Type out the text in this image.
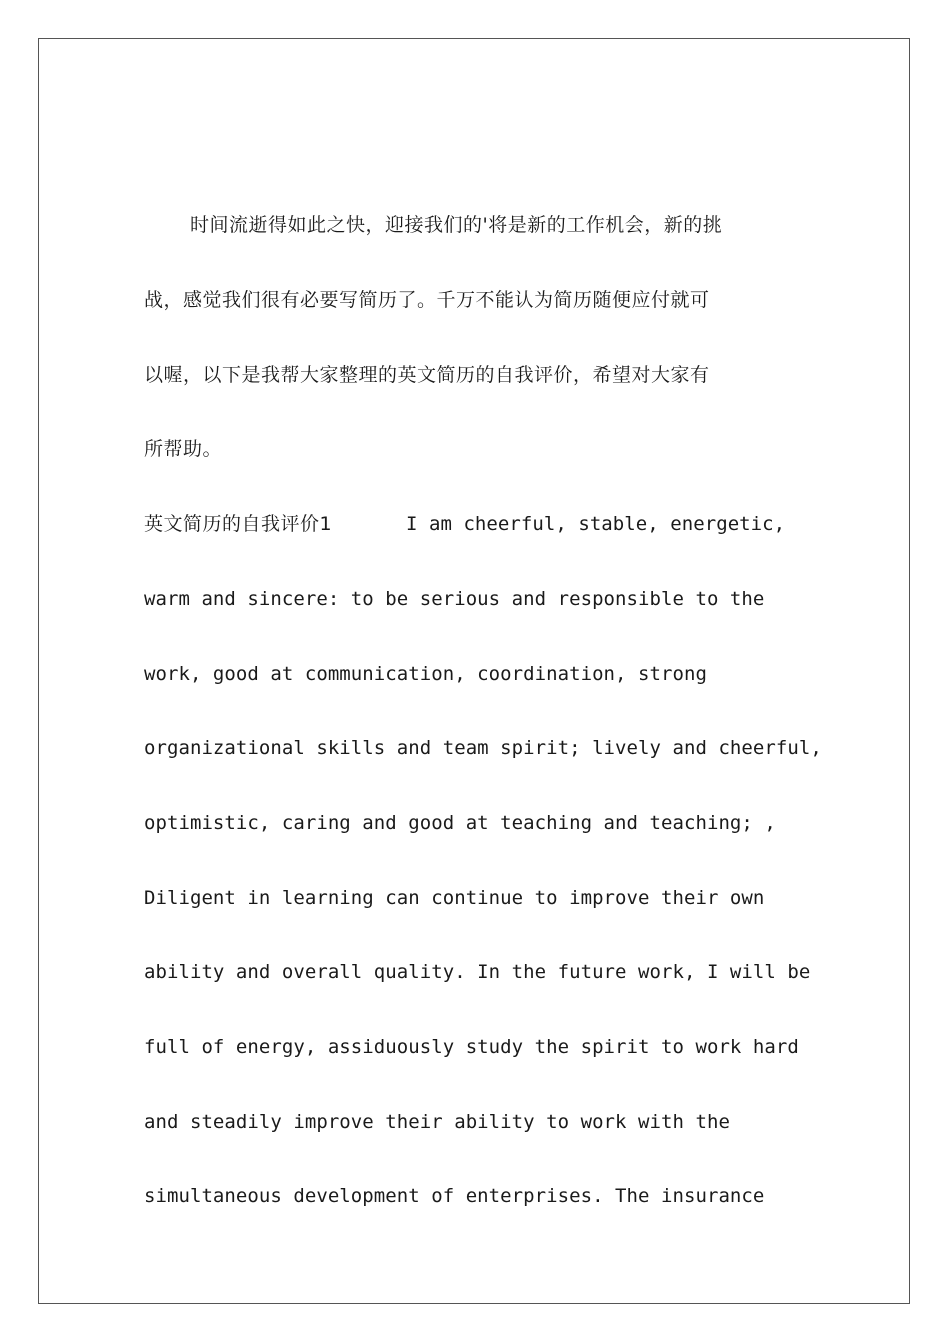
时间流逝得如此之快，迎接我们的'将是新的工作机会，新的挑
战，感觉我们很有必要写简历了。千万不能认为简历随便应付就可
以喔，以下是我帮大家整理的英文简历的自我评价，希望对大家有
所帮助。
英文简历的自我评价1	I am cheerful, stable, energetic,
warm and sincere: to be serious and responsible to the
work, good at communication, coordination, strong
organizational skills and team spirit; lively and cheerful,
optimistic, caring and good at teaching and teaching; ,
Diligent in learning can continue to improve their own
ability and overall quality. In the future work, I will be
full of energy, assiduously study the spirit to work hard
and steadily improve their ability to work with the
simultaneous development of enterprises. The insurance
